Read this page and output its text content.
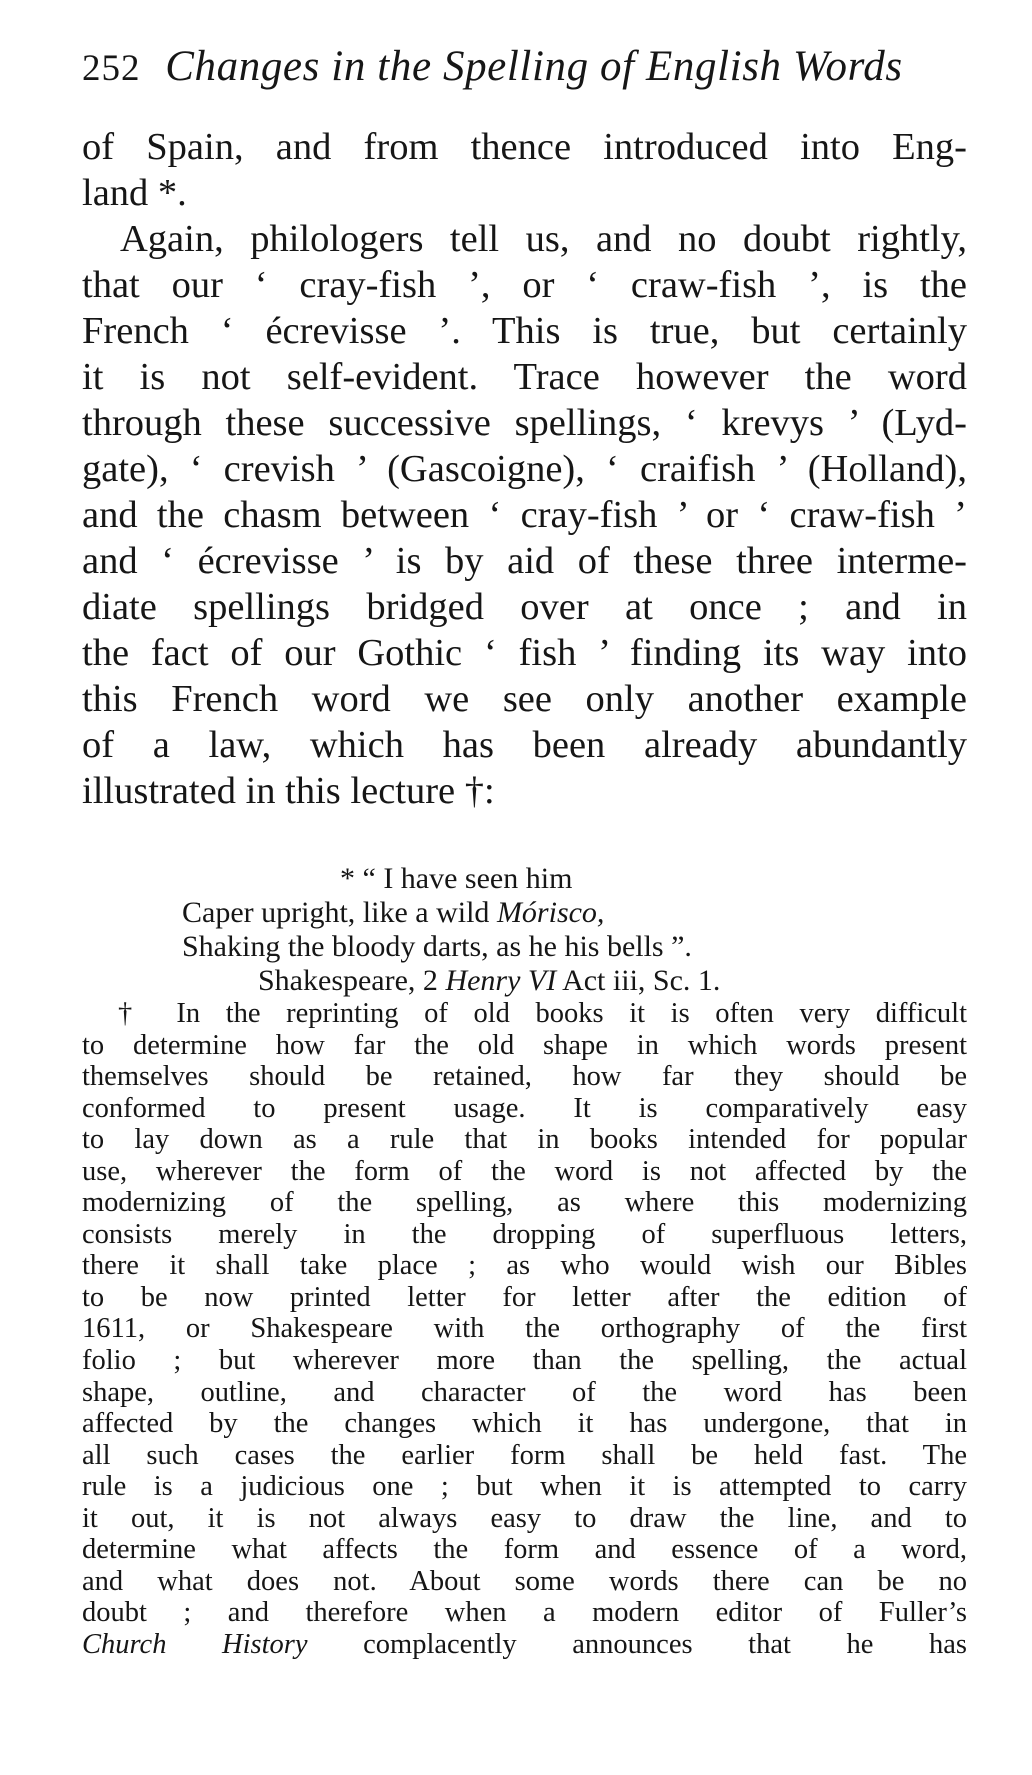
252 Changes in the Spelling of English Words
of Spain, and from thence introduced into Eng-
land *.
Again, philologers tell us, and no doubt rightly,
that our ‘ cray-fish ’, or ‘ craw-fish ’, is the
French ‘ écrevisse ’. This is true, but certainly
it is not self-evident. Trace however the word
through these successive spellings, ‘ krevys ’ (Lyd-
gate), ‘ crevish ’ (Gascoigne), ‘ craifish ’ (Holland),
and the chasm between ‘ cray-fish ’ or ‘ craw-fish ’
and ‘ écrevisse ’ is by aid of these three interme-
diate spellings bridged over at once ; and in
the fact of our Gothic ‘ fish ’ finding its way into
this French word we see only another example
of a law, which has been already abundantly
illustrated in this lecture †:
* “ I have seen him
Caper upright, like a wild Mórisco,
Shaking the bloody darts, as he his bells ”.
Shakespeare, 2 Henry VI Act iii, Sc. 1.
† In the reprinting of old books it is often very difficult
to determine how far the old shape in which words present
themselves should be retained, how far they should be
conformed to present usage. It is comparatively easy
to lay down as a rule that in books intended for popular
use, wherever the form of the word is not affected by the
modernizing of the spelling, as where this modernizing
consists merely in the dropping of superfluous letters,
there it shall take place ; as who would wish our Bibles
to be now printed letter for letter after the edition of
1611, or Shakespeare with the orthography of the first
folio ; but wherever more than the spelling, the actual
shape, outline, and character of the word has been
affected by the changes which it has undergone, that in
all such cases the earlier form shall be held fast. The
rule is a judicious one ; but when it is attempted to carry
it out, it is not always easy to draw the line, and to
determine what affects the form and essence of a word,
and what does not. About some words there can be no
doubt ; and therefore when a modern editor of Fuller’s
Church History complacently announces that he has
